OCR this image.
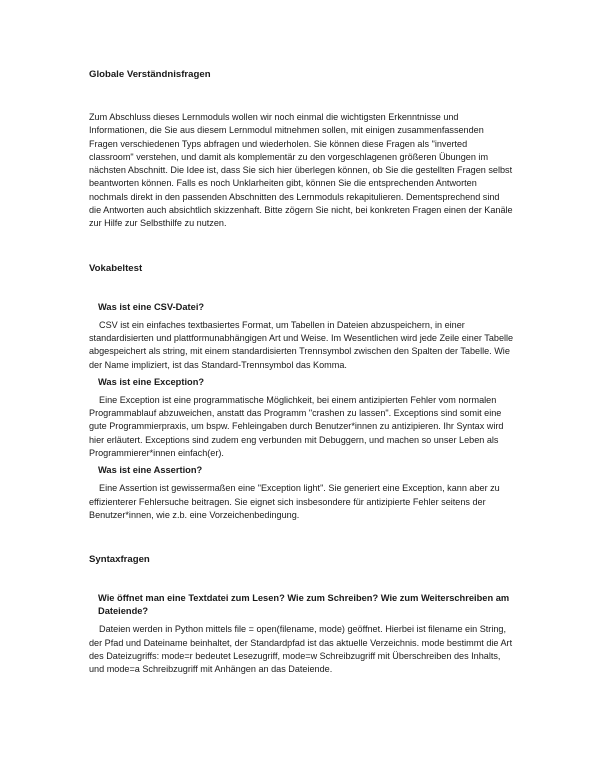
Globale Verständnisfragen

Zum Abschluss dieses Lernmoduls wollen wir noch einmal die wichtigsten Erkenntnisse und Informationen, die Sie aus diesem Lernmodul mitnehmen sollen, mit einigen zusammenfassenden Fragen verschiedenen Typs abfragen und wiederholen. Sie können diese Fragen als "inverted classroom" verstehen, und damit als komplementär zu den vorgeschlagenen größeren Übungen im nächsten Abschnitt. Die Idee ist, dass Sie sich hier überlegen können, ob Sie die gestellten Fragen selbst beantworten können. Falls es noch Unklarheiten gibt, können Sie die entsprechenden Antworten nochmals direkt in den passenden Abschnitten des Lernmoduls rekapitulieren. Dementsprechend sind die Antworten auch absichtlich skizzenhaft. Bitte zögern Sie nicht, bei konkreten Fragen einen der Kanäle zur Hilfe zur Selbsthilfe zu nutzen.

Vokabeltest
Was ist eine CSV-Datei?

CSV ist ein einfaches textbasiertes Format, um Tabellen in Dateien abzuspeichern, in einer standardisierten und plattformunabhängigen Art und Weise. Im Wesentlichen wird jede Zeile einer Tabelle abgespeichert als string, mit einem standardisierten Trennsymbol zwischen den Spalten der Tabelle. Wie der Name impliziert, ist das Standard-Trennsymbol das Komma.

Was ist eine Exception?

Eine Exception ist eine programmatische Möglichkeit, bei einem antizipierten Fehler vom normalen Programmablauf abzuweichen, anstatt das Programm "crashen zu lassen". Exceptions sind somit eine gute Programmierpraxis, um bspw. Fehleingaben durch Benutzer*innen zu antizipieren. Ihr Syntax wird hier erläutert. Exceptions sind zudem eng verbunden mit Debuggern, und machen so unser Leben als Programmierer*innen einfach(er).

Was ist eine Assertion?

Eine Assertion ist gewissermaßen eine "Exception light". Sie generiert eine Exception, kann aber zu effizienterer Fehlersuche beitragen. Sie eignet sich insbesondere für antizipierte Fehler seitens der Benutzer*innen, wie z.b. eine Vorzeichenbedingung.

Syntaxfragen
Wie öffnet man eine Textdatei zum Lesen? Wie zum Schreiben? Wie zum Weiterschreiben am Dateiende?

Dateien werden in Python mittels file = open(filename, mode) geöffnet. Hierbei ist filename ein String, der Pfad und Dateiname beinhaltet, der Standardpfad ist das aktuelle Verzeichnis. mode bestimmt die Art des Dateizugriffs: mode=r bedeutet Lesezugriff, mode=w Schreibzugriff mit Überschreiben des Inhalts, und mode=a Schreibzugriff mit Anhängen an das Dateiende.
